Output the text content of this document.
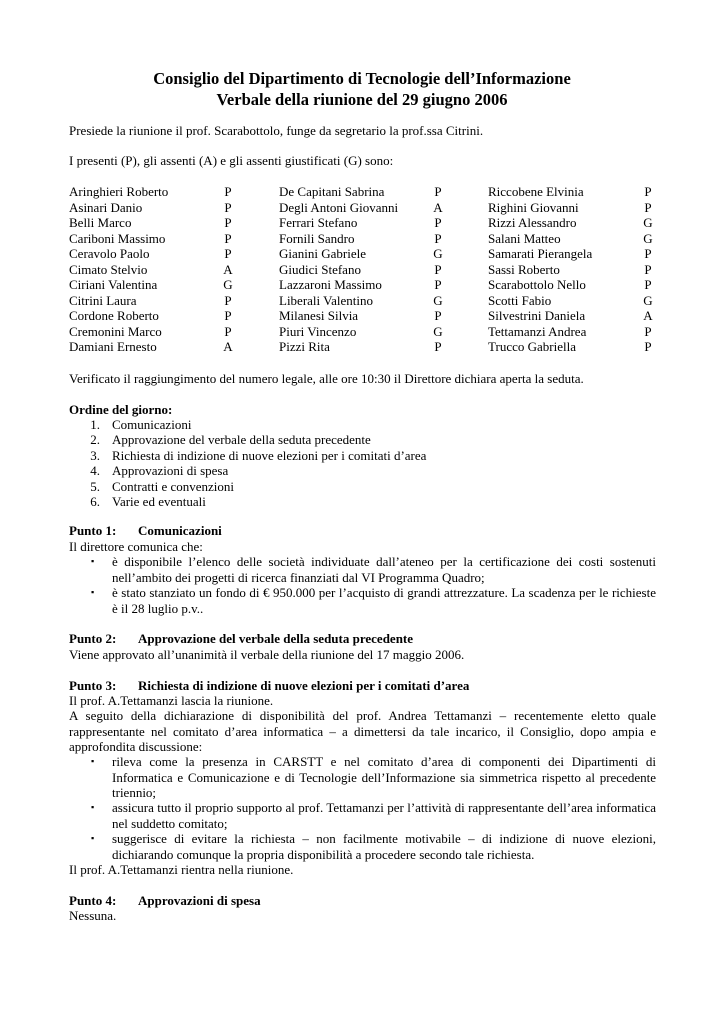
Consiglio del Dipartimento di Tecnologie dell’Informazione
Verbale della riunione del 29 giugno 2006
Presiede la riunione il prof. Scarabottolo, funge da segretario la prof.ssa Citrini.
I presenti (P), gli assenti (A) e gli assenti giustificati (G) sono:
Aringhieri Roberto	P
Asinari Danio	P
Belli Marco	P
Cariboni Massimo	P
Ceravolo Paolo	P
Cimato Stelvio	A
Ciriani Valentina	G
Citrini Laura	P
Cordone Roberto	P
Cremonini Marco	P
Damiani Ernesto	A
De Capitani Sabrina	P
Degli Antoni Giovanni	A
Ferrari Stefano	P
Fornili Sandro	P
Gianini Gabriele	G
Giudici Stefano	P
Lazzaroni Massimo	P
Liberali Valentino	G
Milanesi Silvia	P
Piuri Vincenzo	G
Pizzi Rita	P
Riccobene Elvinia	P
Righini Giovanni	P
Rizzi Alessandro	G
Salani Matteo	G
Samarati Pierangela	P
Sassi Roberto	P
Scarabottolo Nello	P
Scotti Fabio	G
Silvestrini Daniela	A
Tettamanzi Andrea	P
Trucco Gabriella	P
Verificato il raggiungimento del numero legale, alle ore 10:30 il Direttore dichiara aperta la seduta.
Ordine del giorno:
1. Comunicazioni
2. Approvazione del verbale della seduta precedente
3. Richiesta di indizione di nuove elezioni per i comitati d’area
4. Approvazioni di spesa
5. Contratti e convenzioni
6. Varie ed eventuali
Punto 1: Comunicazioni
Il direttore comunica che:
▪ è disponibile l’elenco delle società individuate dall’ateneo per la certificazione dei costi sostenuti nell’ambito dei progetti di ricerca finanziati dal VI Programma Quadro;
▪ è stato stanziato un fondo di € 950.000 per l’acquisto di grandi attrezzature. La scadenza per le richieste è il 28 luglio p.v..
Punto 2: Approvazione del verbale della seduta precedente
Viene approvato all’unanimità il verbale della riunione del 17 maggio 2006.
Punto 3: Richiesta di indizione di nuove elezioni per i comitati d’area
Il prof. A.Tettamanzi lascia la riunione.
A seguito della dichiarazione di disponibilità del prof. Andrea Tettamanzi – recentemente eletto quale rappresentante nel comitato d’area informatica – a dimettersi da tale incarico, il Consiglio, dopo ampia e approfondita discussione:
▪ rileva come la presenza in CARSTT e nel comitato d’area di componenti dei Dipartimenti di Informatica e Comunicazione e di Tecnologie dell’Informazione sia simmetrica rispetto al precedente triennio;
▪ assicura tutto il proprio supporto al prof. Tettamanzi per l’attività di rappresentante dell’area informatica nel suddetto comitato;
▪ suggerisce di evitare la richiesta – non facilmente motivabile – di indizione di nuove elezioni, dichiarando comunque la propria disponibilità a procedere secondo tale richiesta.
Il prof. A.Tettamanzi rientra nella riunione.
Punto 4: Approvazioni di spesa
Nessuna.
